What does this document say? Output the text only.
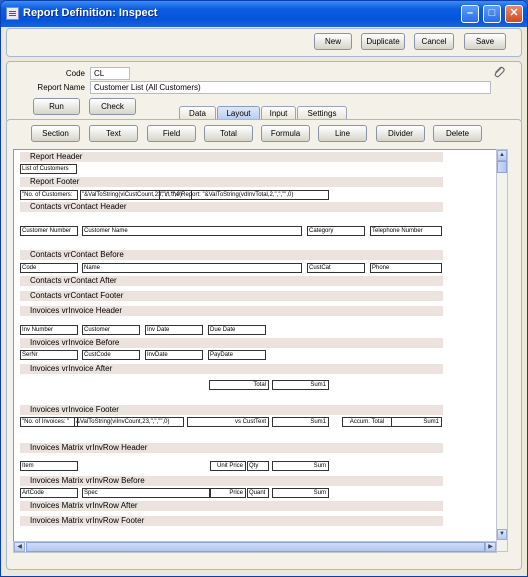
Report Definition: Inspect	–	□	✕
New	Duplicate	Cancel	Save
Code	CL
Report Name	Customer List (All Customers)
Run	Check
Data	Layout	Input	Settings
Section	Text	Field	Total	Formula	Line	Divider	Delete
Report Header
List of Customers
Report Footer
"No. of Customers:	"&ValToString(viCustCount,23,",","",0)
" in the Report: "&ValToString(vdInvTotal,2,",","",0)
Contacts vrContact Header
Customer Number	Customer Name	Category	Telephone Number
Contacts vrContact Before
Code	Name	CustCat	Phone
Contacts vrContact After
Contacts vrContact Footer
Invoices vrInvoice Header
Inv Number	Customer	Inv Date	Due Date
Invoices vrInvoice Before
SerNr	CustCode	InvDate	PayDate
Invoices vrInvoice After
Total	Sum1
Invoices vrInvoice Footer
"No. of Invoices: "	&ValToString(viInvCount,23,",","",0)	vs CustText	Sum1	Accum. Total	Sum1
Invoices Matrix vrInvRow Header
Item	Unit Price	Qty	Sum
Invoices Matrix vrInvRow Before
ArtCode	Spec	Price	Quant	Sum
Invoices Matrix vrInvRow After
Invoices Matrix vrInvRow Footer
▲
▼
◀	▶
